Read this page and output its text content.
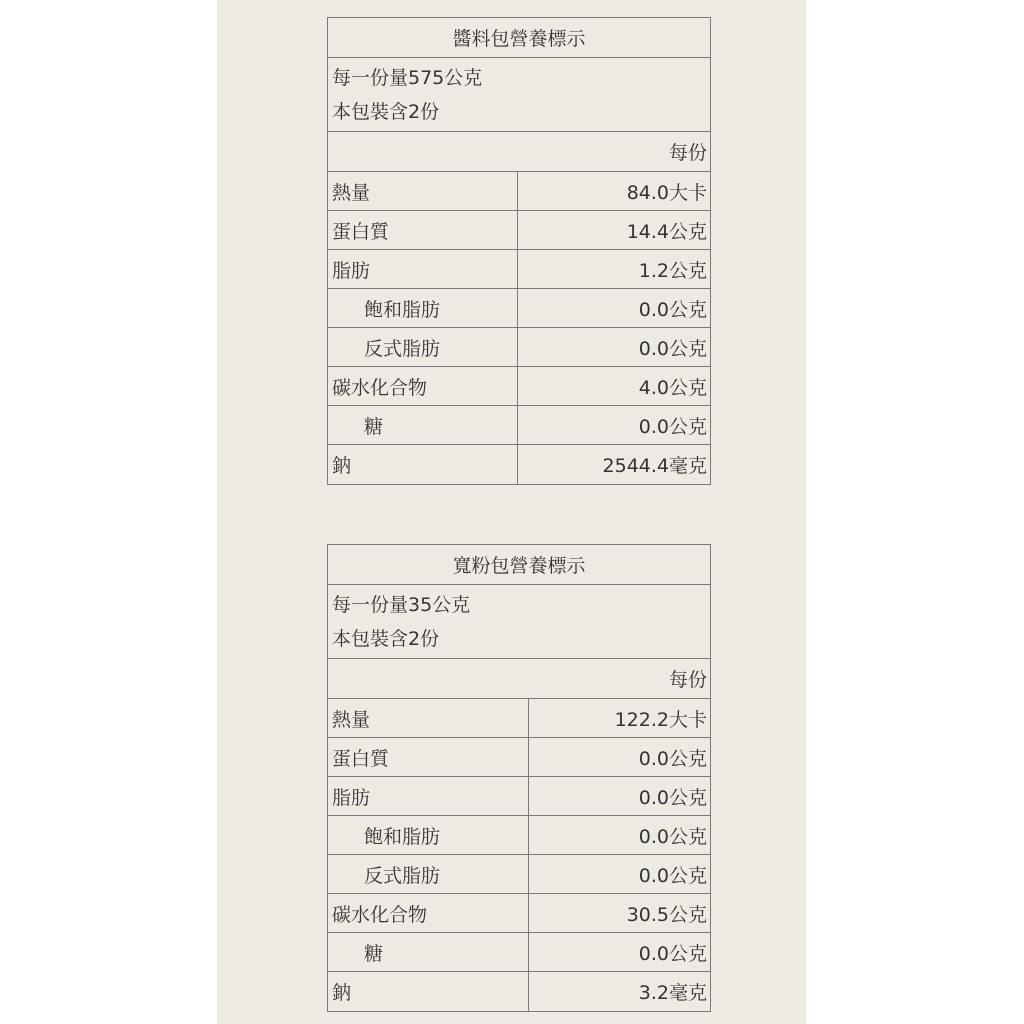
醬料包營養標示
每一份量575公克
本包裝含2份
每份
熱量	84.0大卡
蛋白質	14.4公克
脂肪	1.2公克
飽和脂肪	0.0公克
反式脂肪	0.0公克
碳水化合物	4.0公克
糖	0.0公克
鈉	2544.4毫克
寬粉包營養標示
每一份量35公克
本包裝含2份
每份
熱量	122.2大卡
蛋白質	0.0公克
脂肪	0.0公克
飽和脂肪	0.0公克
反式脂肪	0.0公克
碳水化合物	30.5公克
糖	0.0公克
鈉	3.2毫克
